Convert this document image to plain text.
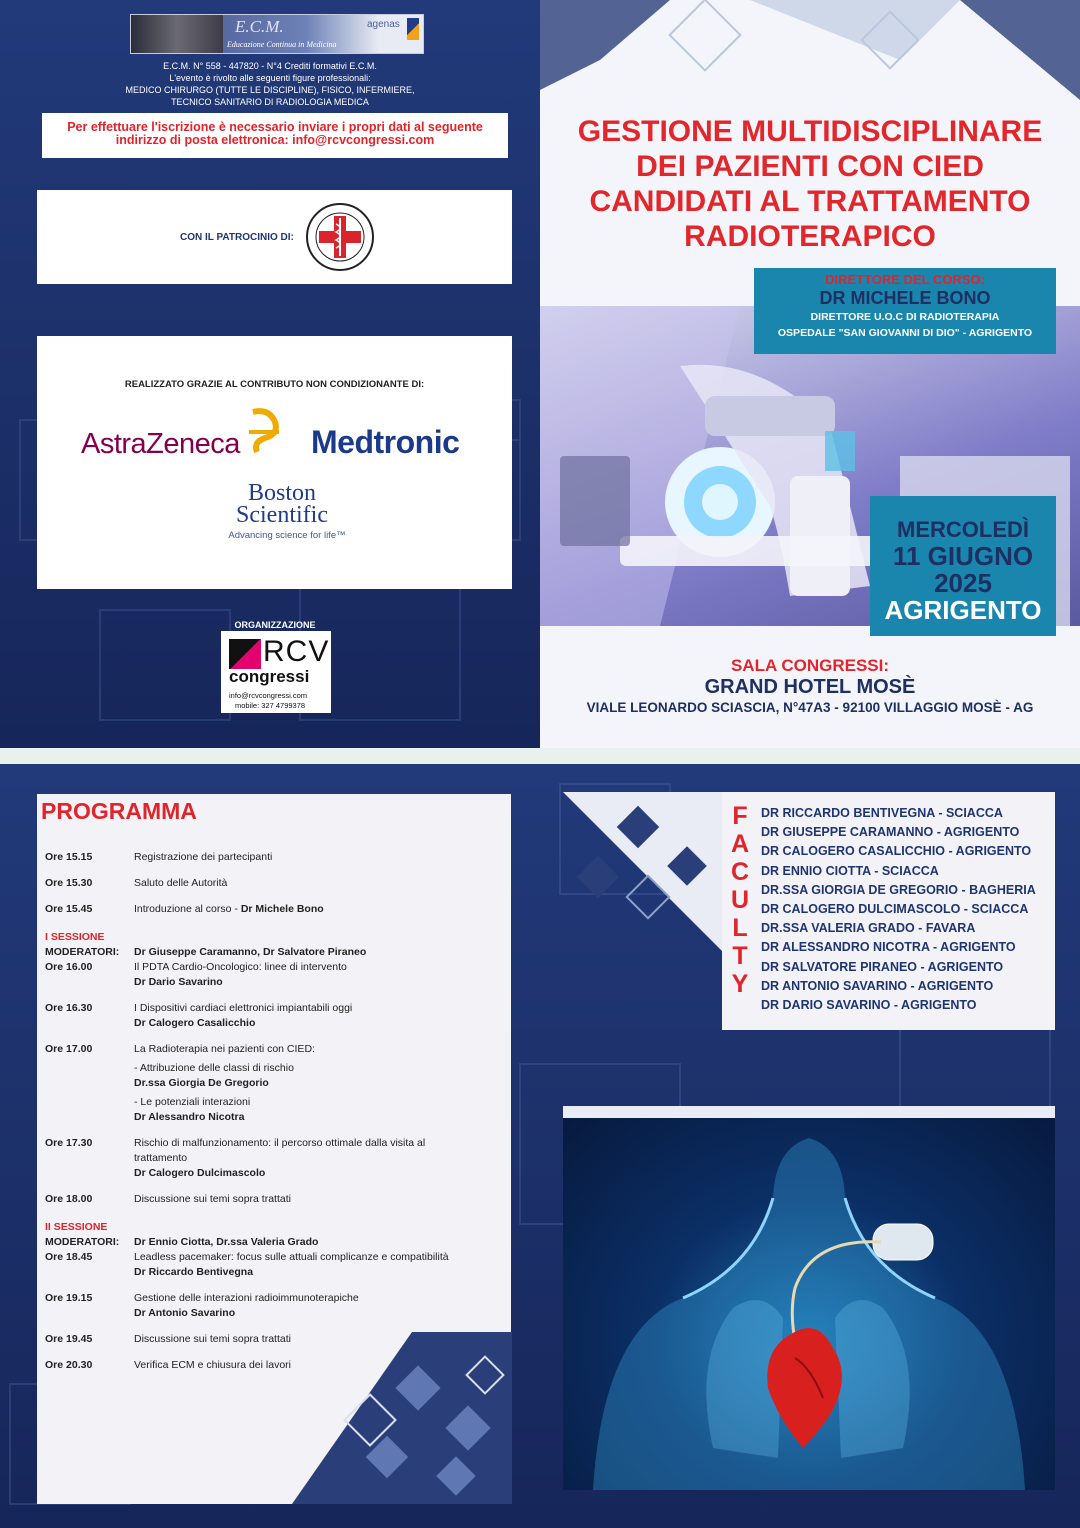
E.C.M.
Educazione Continua in Medicina
agenas
E.C.M. N° 558 - 447820 - N°4 Crediti formativi E.C.M.
L'evento è rivolto alle seguenti figure professionali:
MEDICO CHIRURGO (TUTTE LE DISCIPLINE), FISICO, INFERMIERE,
TECNICO SANITARIO DI RADIOLOGIA MEDICA
Per effettuare l'iscrizione è necessario inviare i propri dati al seguente
indirizzo di posta elettronica: info@rcvcongressi.com
CON IL PATROCINIO DI:
REALIZZATO GRAZIE AL CONTRIBUTO NON CONDIZIONANTE DI:
AstraZeneca Medtronic
Boston
Scientific
Advancing science for life™
ORGANIZZAZIONE
RCV
congressi
info@rcvcongressi.com
mobile: 327 4799378
GESTIONE MULTIDISCIPLINARE
DEI PAZIENTI CON CIED
CANDIDATI AL TRATTAMENTO
RADIOTERAPICO
DIRETTORE DEL CORSO:
DR MICHELE BONO
DIRETTORE U.O.C DI RADIOTERAPIA
OSPEDALE "SAN GIOVANNI DI DIO" - AGRIGENTO
MERCOLEDÌ
11 GIUGNO
2025
AGRIGENTO
SALA CONGRESSI:
GRAND HOTEL MOSÈ
VIALE LEONARDO SCIASCIA, N°47A3 - 92100 VILLAGGIO MOSÈ - AG
PROGRAMMA
Ore 15.15	Registrazione dei partecipanti
Ore 15.30	Saluto delle Autorità
Ore 15.45	Introduzione al corso - Dr Michele Bono
I SESSIONE
MODERATORI: Dr Giuseppe Caramanno, Dr Salvatore Piraneo
Ore 16.00	Il PDTA Cardio-Oncologico: linee di intervento
Dr Dario Savarino
Ore 16.30	I Dispositivi cardiaci elettronici impiantabili oggi
Dr Calogero Casalicchio
Ore 17.00	La Radioterapia nei pazienti con CIED:
- Attribuzione delle classi di rischio
Dr.ssa Giorgia De Gregorio
- Le potenziali interazioni
Dr Alessandro Nicotra
Ore 17.30	Rischio di malfunzionamento: il percorso ottimale dalla visita al
trattamento
Dr Calogero Dulcimascolo
Ore 18.00	Discussione sui temi sopra trattati
II SESSIONE
MODERATORI: Dr Ennio Ciotta, Dr.ssa Valeria Grado
Ore 18.45	Leadless pacemaker: focus sulle attuali complicanze e compatibilità
Dr Riccardo Bentivegna
Ore 19.15	Gestione delle interazioni radioimmunoterapiche
Dr Antonio Savarino
Ore 19.45	Discussione sui temi sopra trattati
Ore 20.30	Verifica ECM e chiusura dei lavori
F
A
C
U
L
T
Y
DR RICCARDO BENTIVEGNA - SCIACCA
DR GIUSEPPE CARAMANNO - AGRIGENTO
DR CALOGERO CASALICCHIO - AGRIGENTO
DR ENNIO CIOTTA - SCIACCA
DR.SSA GIORGIA DE GREGORIO - BAGHERIA
DR CALOGERO DULCIMASCOLO - SCIACCA
DR.SSA VALERIA GRADO - FAVARA
DR ALESSANDRO NICOTRA - AGRIGENTO
DR SALVATORE PIRANEO - AGRIGENTO
DR ANTONIO SAVARINO - AGRIGENTO
DR DARIO SAVARINO - AGRIGENTO
